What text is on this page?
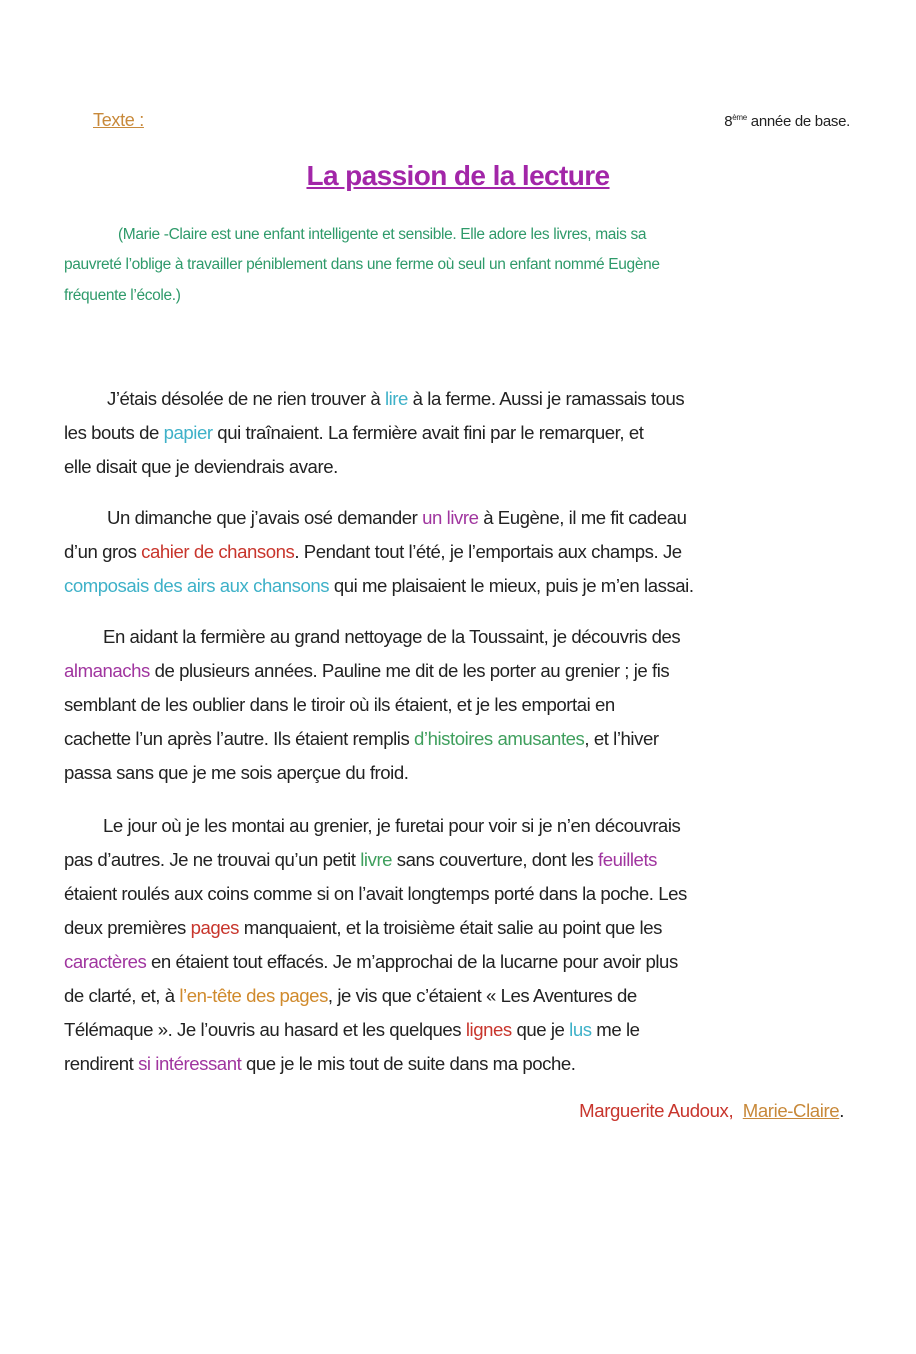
Texte :	8ème année de base.
La passion de la lecture
(Marie -Claire est une enfant intelligente et sensible. Elle adore les livres, mais sa
pauvreté l’oblige à travailler péniblement dans une ferme où seul un enfant nommé Eugène
fréquente l’école.)
J’étais désolée de ne rien trouver à lire à la ferme. Aussi je ramassais tous
les bouts de papier qui traînaient. La fermière avait fini par le remarquer, et
elle disait que je deviendrais avare.
Un dimanche que j’avais osé demander un livre à Eugène, il me fit cadeau
d’un gros cahier de chansons. Pendant tout l’été, je l’emportais aux champs. Je
composais des airs aux chansons qui me plaisaient le mieux, puis je m’en lassai.
En aidant la fermière au grand nettoyage de la Toussaint, je découvris des
almanachs de plusieurs années. Pauline me dit de les porter au grenier ; je fis
semblant de les oublier dans le tiroir où ils étaient, et je les emportai en
cachette l’un après l’autre. Ils étaient remplis d’histoires amusantes, et l’hiver
passa sans que je me sois aperçue du froid.
Le jour où je les montai au grenier, je furetai pour voir si je n’en découvrais
pas d’autres. Je ne trouvai qu’un petit livre sans couverture, dont les feuillets
étaient roulés aux coins comme si on l’avait longtemps porté dans la poche. Les
deux premières pages manquaient, et la troisième était salie au point que les
caractères en étaient tout effacés. Je m’approchai de la lucarne pour avoir plus
de clarté, et, à l’en-tête des pages, je vis que c’étaient « Les Aventures de
Télémaque ». Je l’ouvris au hasard et les quelques lignes que je lus me le
rendirent si intéressant que je le mis tout de suite dans ma poche.
Marguerite Audoux, Marie-Claire.
